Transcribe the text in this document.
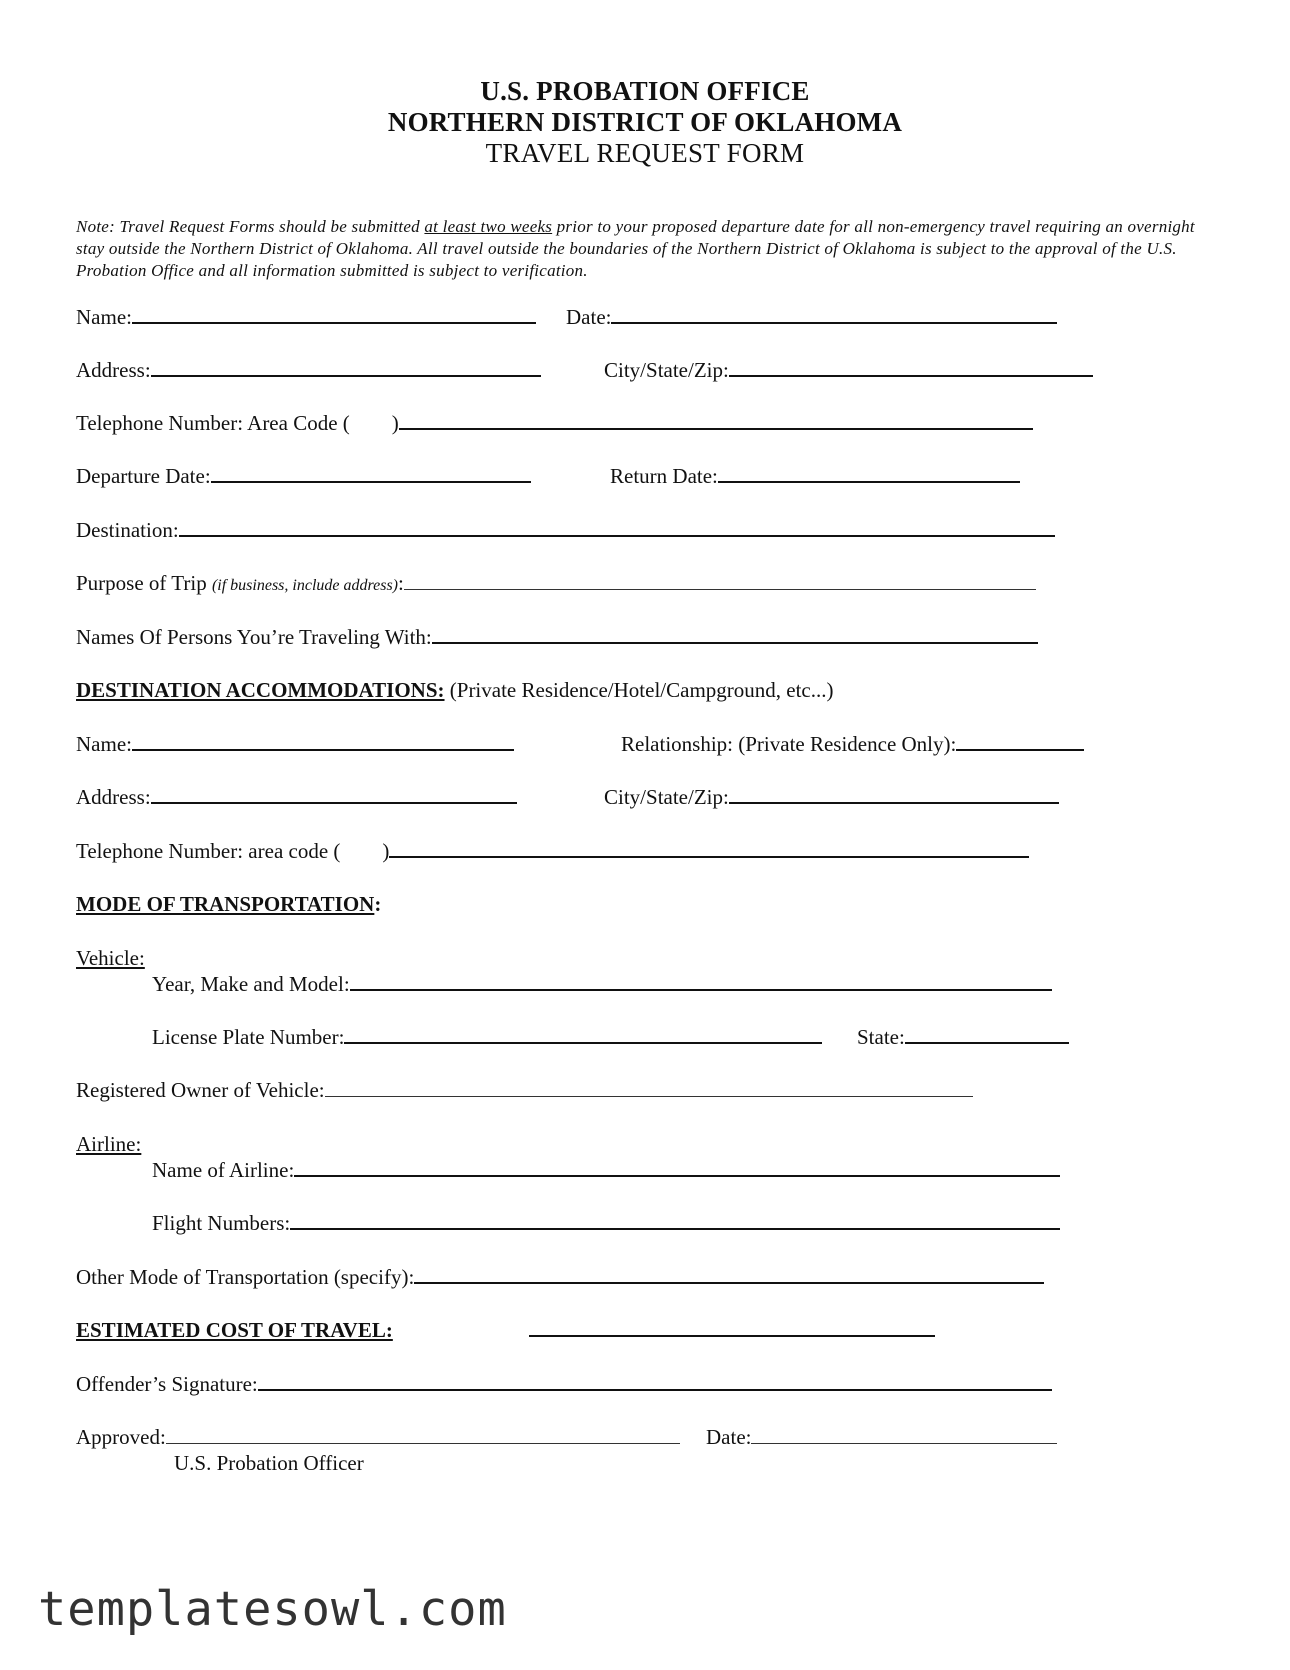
U.S. PROBATION OFFICE
NORTHERN DISTRICT OF OKLAHOMA
TRAVEL REQUEST FORM
Note: Travel Request Forms should be submitted at least two weeks prior to your proposed departure date for all non-emergency travel requiring an overnight stay outside the Northern District of Oklahoma. All travel outside the boundaries of the Northern District of Oklahoma is subject to the approval of the U.S. Probation Office and all information submitted is subject to verification.
Name:	Date:
Address:	City/State/Zip:
Telephone Number: Area Code (        )
Departure Date:	Return Date:
Destination:
Purpose of Trip (if business, include address):
Names Of Persons You’re Traveling With:
DESTINATION ACCOMMODATIONS: (Private Residence/Hotel/Campground, etc...)
Name:	Relationship: (Private Residence Only):
Address:	City/State/Zip:
Telephone Number: area code (        )
MODE OF TRANSPORTATION:
Vehicle:
Year, Make and Model:
License Plate Number:	State:
Registered Owner of Vehicle:
Airline:
Name of Airline:
Flight Numbers:
Other Mode of Transportation (specify):
ESTIMATED COST OF TRAVEL:
Offender’s Signature:
Approved:	Date:
U.S. Probation Officer
templatesowl.com
